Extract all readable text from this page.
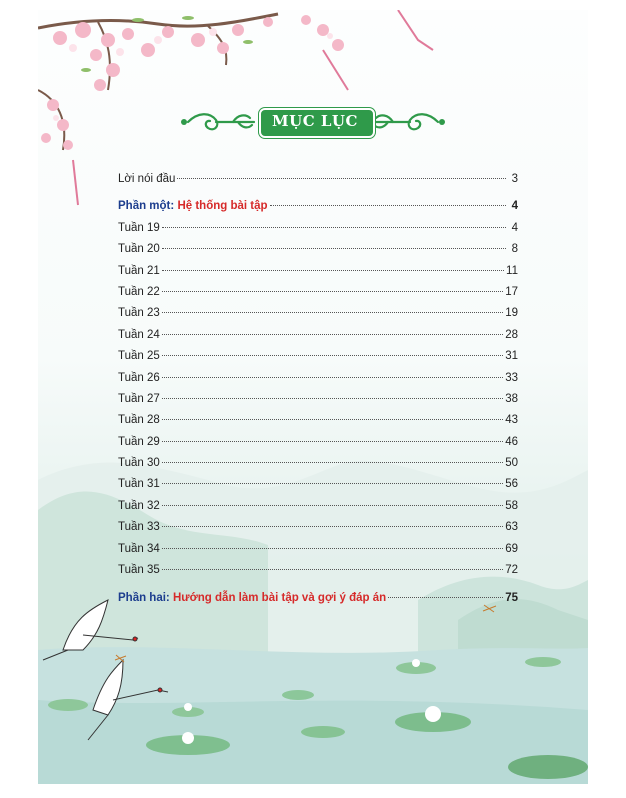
MỤC LỤC
Lời nói đầu	3
Phần một: Hệ thống bài tập	4
Tuần 19	4
Tuần 20	8
Tuần 21	11
Tuần 22	17
Tuần 23	19
Tuần 24	28
Tuần 25	31
Tuần 26	33
Tuần 27	38
Tuần 28	43
Tuần 29	46
Tuần 30	50
Tuần 31	56
Tuần 32	58
Tuần 33	63
Tuần 34	69
Tuần 35	72
Phần hai: Hướng dẫn làm bài tập và gợi ý đáp án	75
